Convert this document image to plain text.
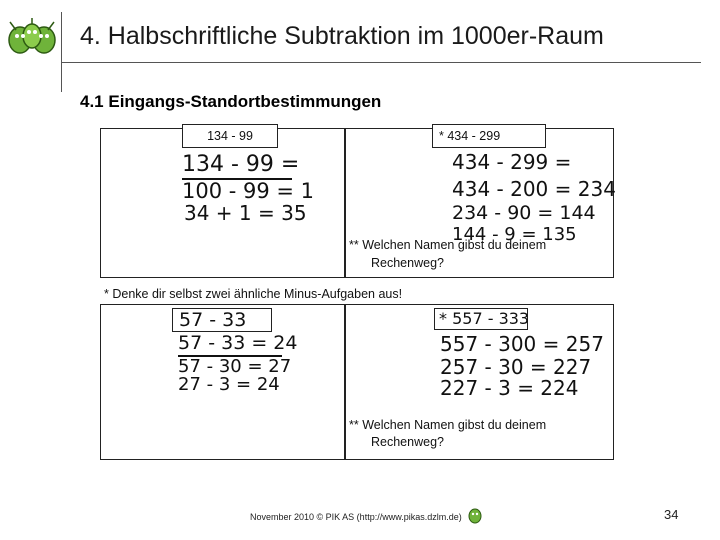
4. Halbschriftliche Subtraktion im 1000er-Raum
4.1 Eingangs-Standortbestimmungen
134 - 99	* 434 - 299
134 - 99 =
100 - 99 = 1
34 + 1 = 35
434 - 299 =
434 - 200 = 234
234 - 90 = 144
144 - 9 = 135
** Welchen Namen gibst du deinem
Rechenweg?
* Denke dir selbst zwei ähnliche Minus-Aufgaben aus!
57 - 33	* 557 - 333
57 - 33 = 24
57 - 30 = 27
27 - 3 = 24
557 - 300 = 257
257 - 30 = 227
227 - 3 = 224
** Welchen Namen gibst du deinem
Rechenweg?
November 2010 © PIK AS (http://www.pikas.dzlm.de)	34
